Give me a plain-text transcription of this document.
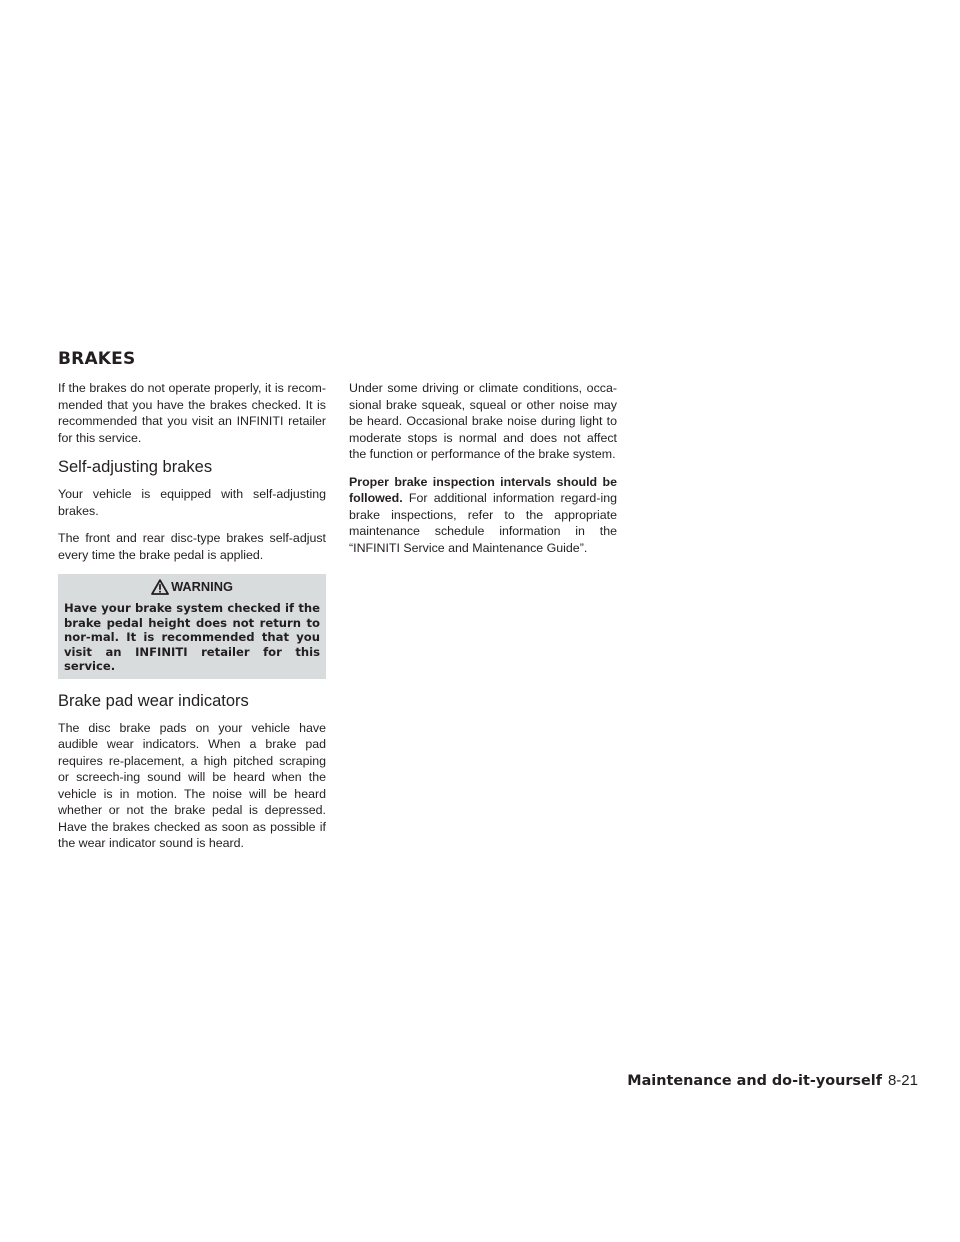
BRAKES

If the brakes do not operate properly, it is recom-mended that you have the brakes checked. It is recommended that you visit an INFINITI retailer for this service.

Self-adjusting brakes

Your vehicle is equipped with self-adjusting brakes.

The front and rear disc-type brakes self-adjust every time the brake pedal is applied.

WARNING

Have your brake system checked if the brake pedal height does not return to nor-mal. It is recommended that you visit an INFINITI retailer for this service.

Brake pad wear indicators

The disc brake pads on your vehicle have audible wear indicators. When a brake pad requires re-placement, a high pitched scraping or screech-ing sound will be heard when the vehicle is in motion. The noise will be heard whether or not the brake pedal is depressed. Have the brakes checked as soon as possible if the wear indicator sound is heard.

Under some driving or climate conditions, occa-sional brake squeak, squeal or other noise may be heard. Occasional brake noise during light to moderate stops is normal and does not affect the function or performance of the brake system.

Proper brake inspection intervals should be followed. For additional information regard-ing brake inspections, refer to the appropriate maintenance schedule information in the “INFINITI Service and Maintenance Guide”.

Maintenance and do-it-yourself 8-21
